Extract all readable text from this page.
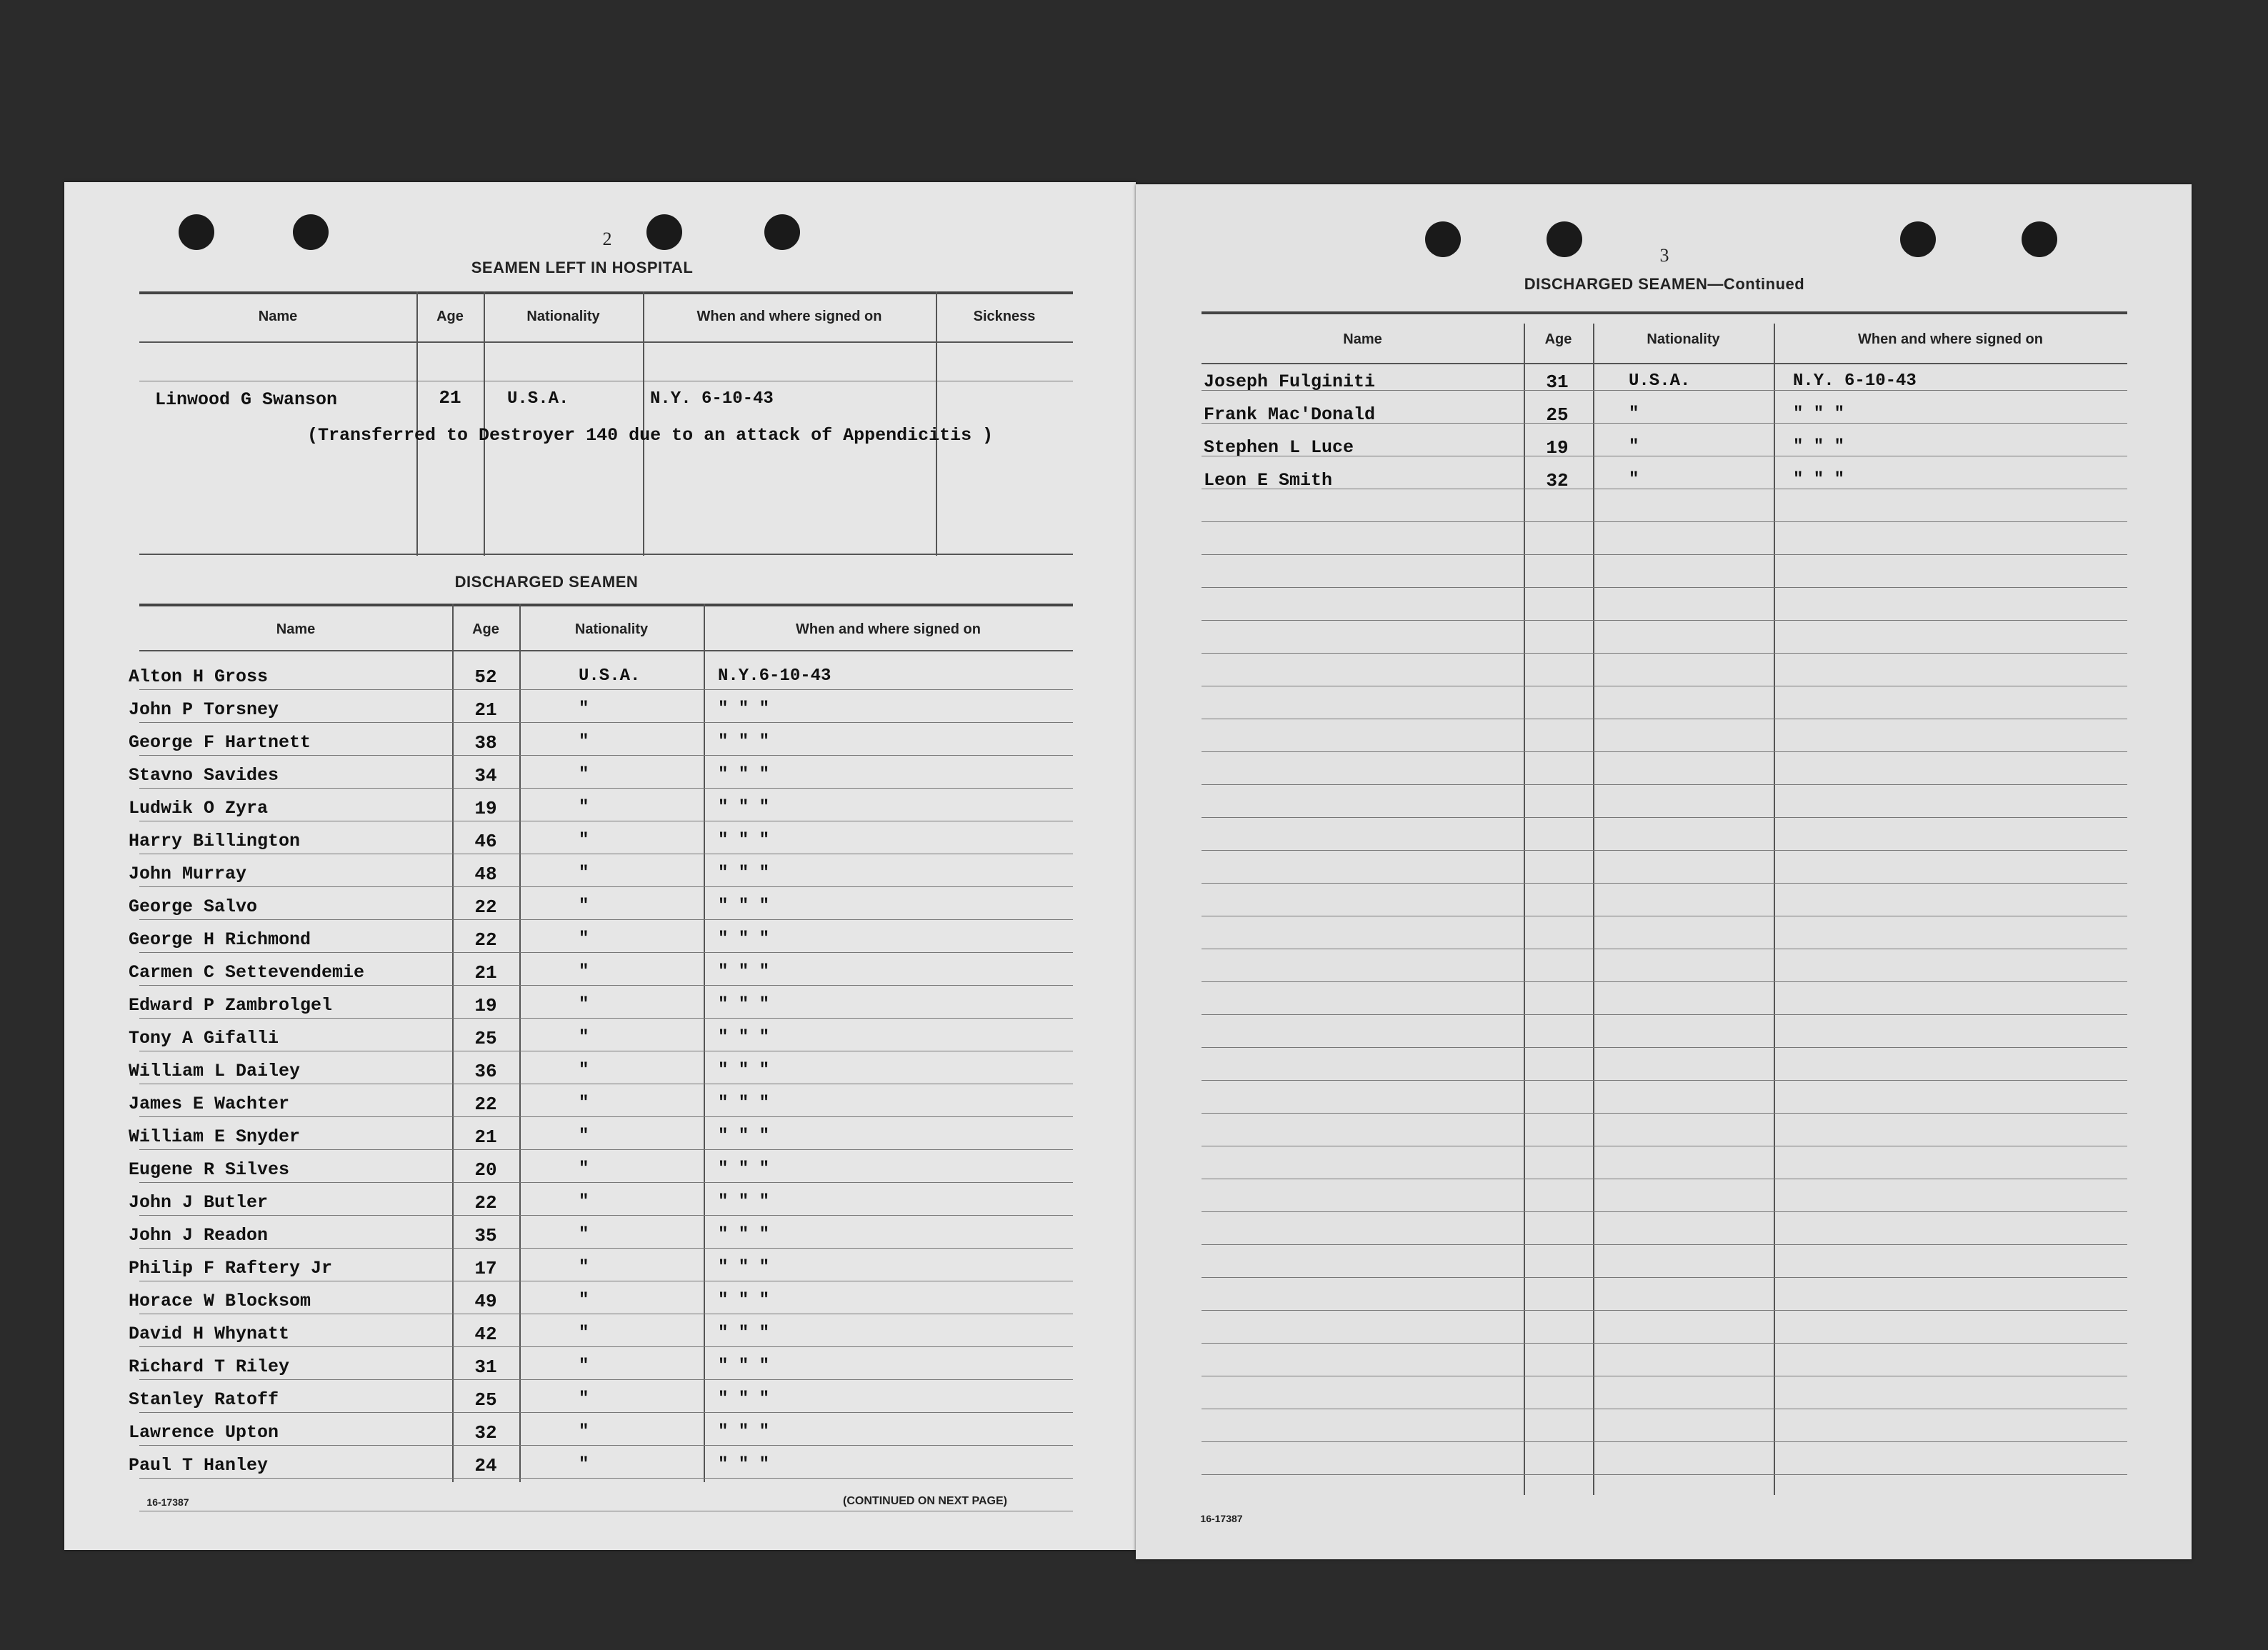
2
SEAMEN LEFT IN HOSPITAL
Name	Age	Nationality	When and where signed on	Sickness
Linwood G Swanson	21	U.S.A.	N.Y. 6-10-43
(Transferred to Destroyer 140 due to an attack of Appendicitis )
DISCHARGED SEAMEN
Name	Age	Nationality	When and where signed on
Alton H Gross	52	U.S.A.	N.Y.6-10-43
John P Torsney	21	"	" " "
George F Hartnett	38	"	" " "
Stavno Savides	34	"	" " "
Ludwik O Zyra	19	"	" " "
Harry Billington	46	"	" " "
John Murray	48	"	" " "
George Salvo	22	"	" " "
George H Richmond	22	"	" " "
Carmen C Settevendemie	21	"	" " "
Edward P Zambrolgel	19	"	" " "
Tony A Gifalli	25	"	" " "
William L Dailey	36	"	" " "
James E Wachter	22	"	" " "
William E Snyder	21	"	" " "
Eugene R Silves	20	"	" " "
John J Butler	22	"	" " "
John J Readon	35	"	" " "
Philip F Raftery Jr	17	"	" " "
Horace W Blocksom	49	"	" " "
David H Whynatt	42	"	" " "
Richard T Riley	31	"	" " "
Stanley Ratoff	25	"	" " "
Lawrence Upton	32	"	" " "
Paul T Hanley	24	"	" " "
16-17387	(CONTINUED ON NEXT PAGE)
3
DISCHARGED SEAMEN—Continued
Name	Age	Nationality	When and where signed on
Joseph Fulginiti	31	U.S.A.	N.Y. 6-10-43
Frank Mac'Donald	25	"	" " "
Stephen L Luce	19	"	" " "
Leon E Smith	32	"	" " "
16-17387
